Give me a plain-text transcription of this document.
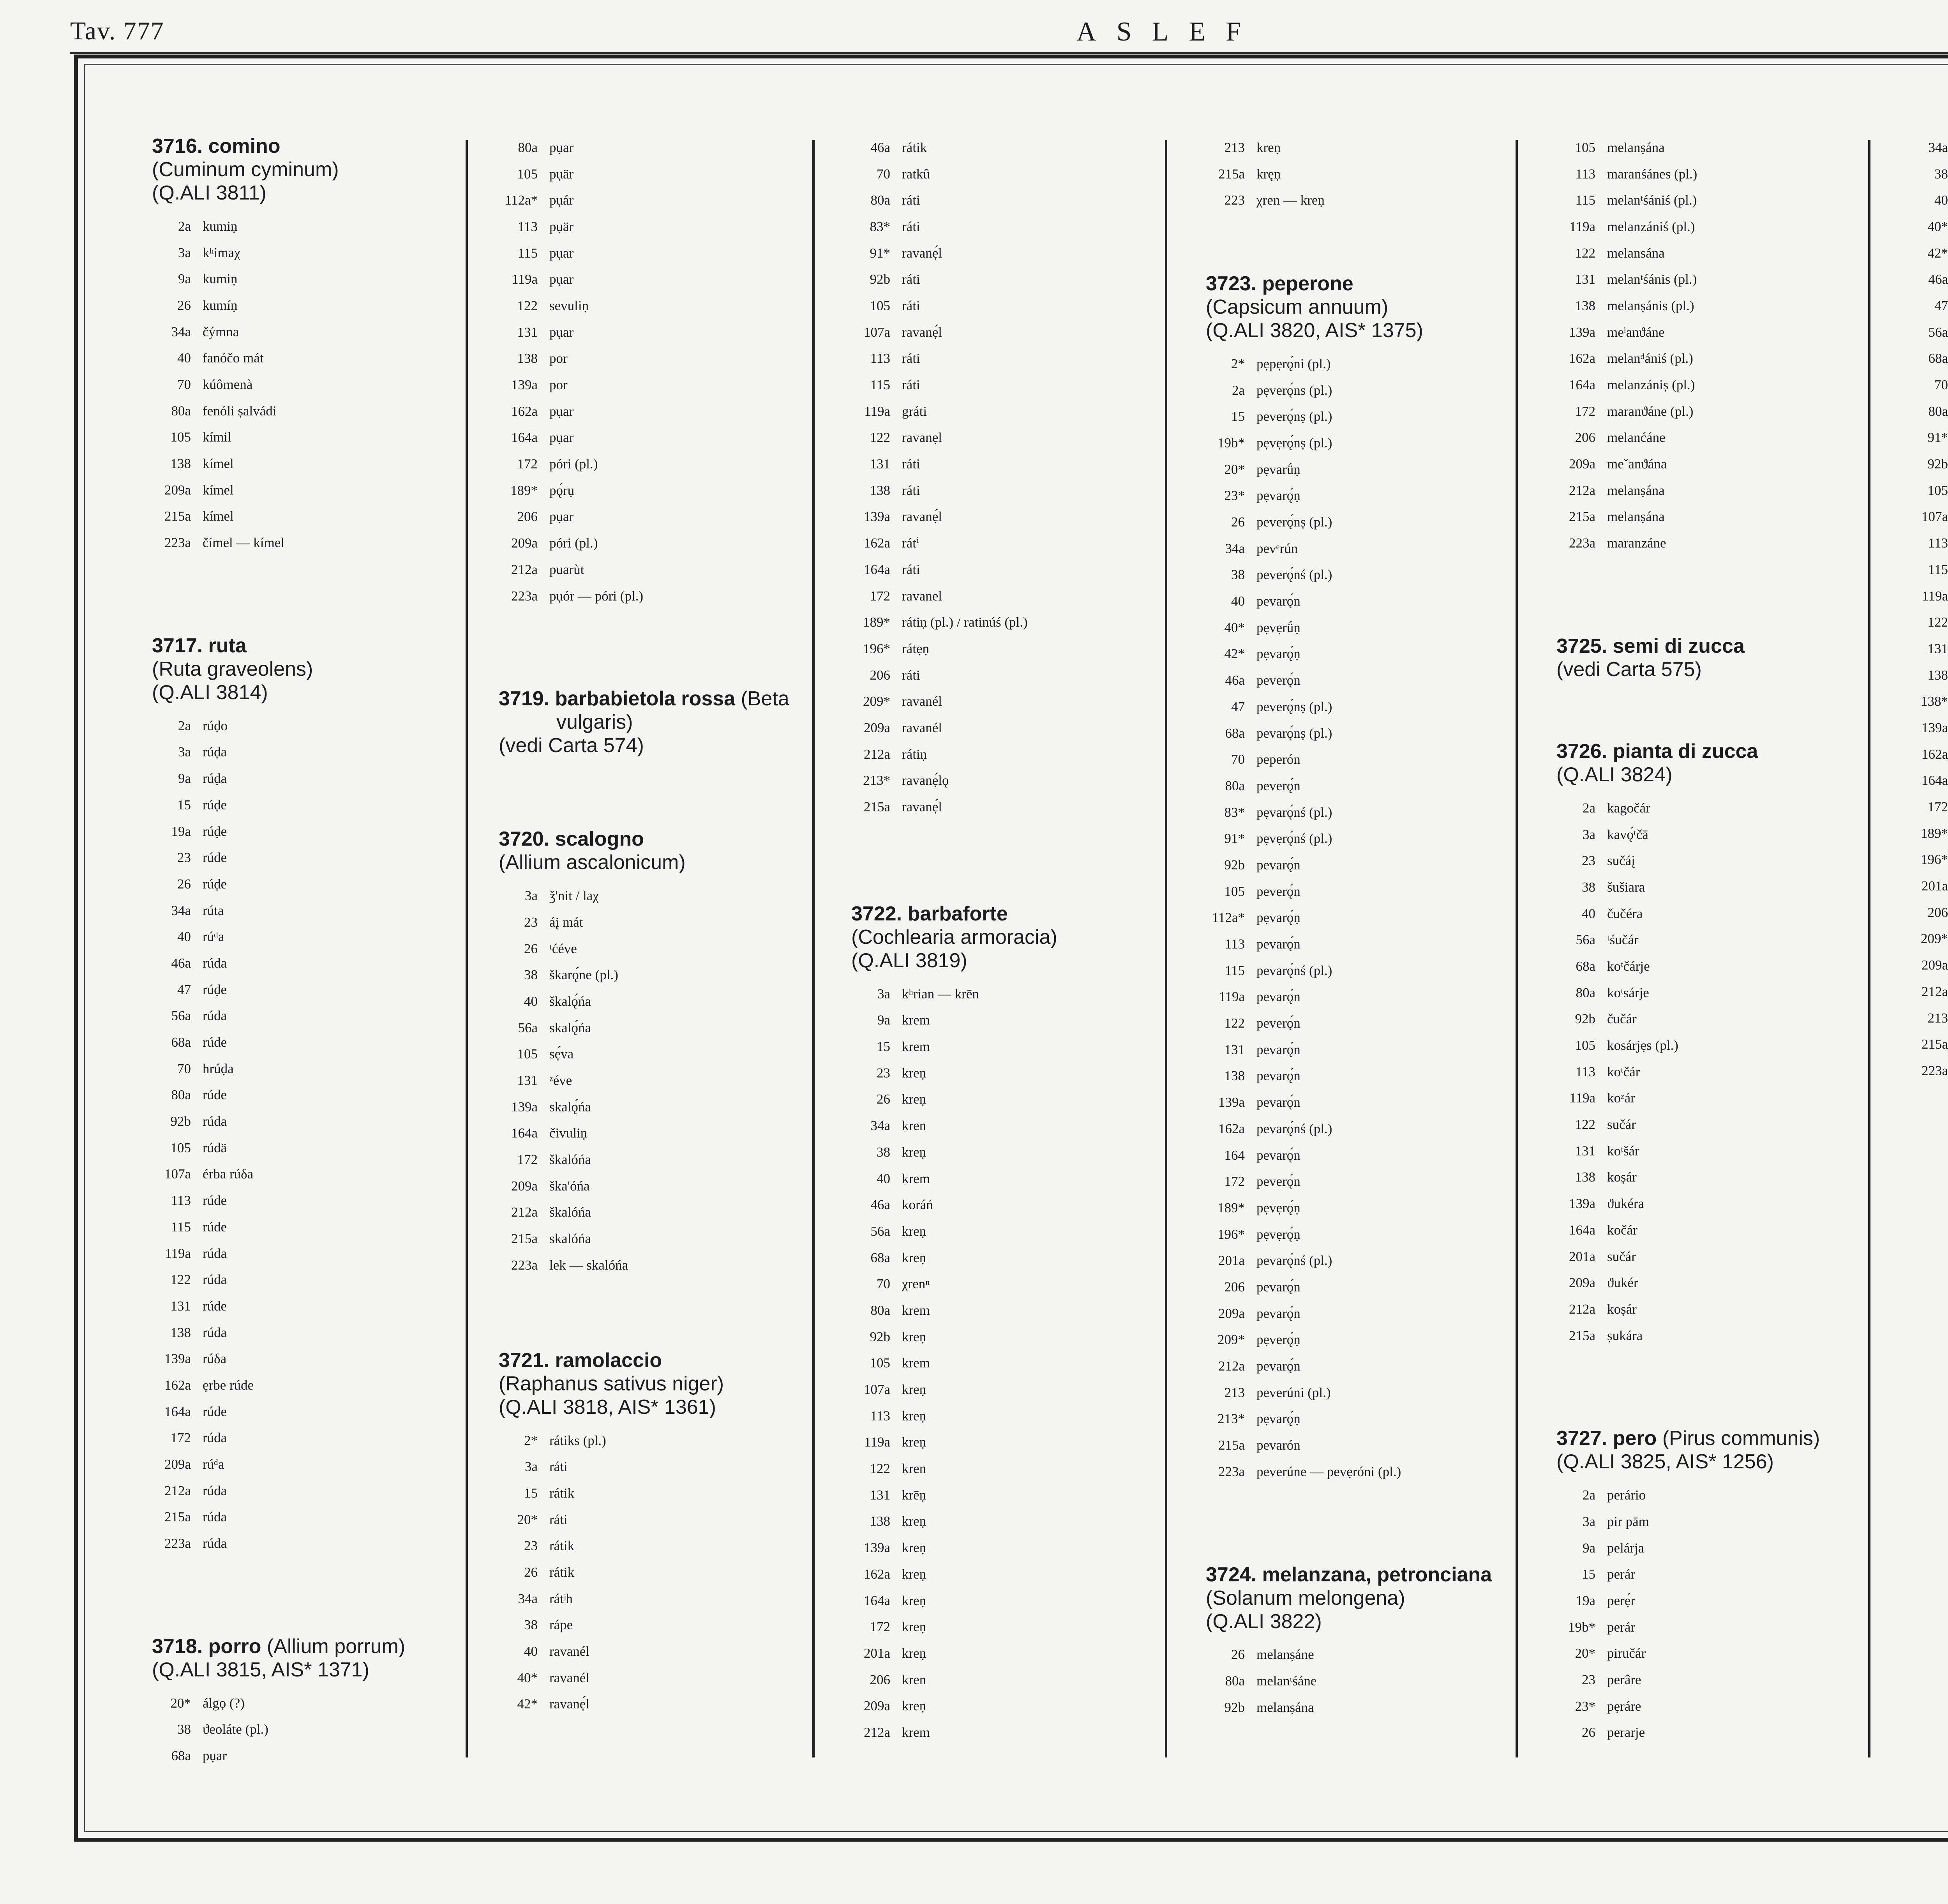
Tav. 777	ASLEF
3716. comino
(Cuminum cyminum)
(Q.ALI 3811)
2a kumiṇ
3a kʰimaχ
9a kumiṇ
26 kumíṇ
34a čýmna
40 fanóčo mát
70 kúômenà
80a fenóli ṣalvádi
105 kímil
138 kímel
209a kímel
215a kímel
223a čímel — kímel
3717. ruta
(Ruta graveolens)
(Q.ALI 3814)
2a rúḍo
3a rúḍa
9a rúḍa
15 rúḍe
19a rúḍe
23 rúde
26 rúḍe
34a rúta
40 rúᵈa
46a rúda
47 rúḍe
56a rúda
68a rúde
70 hrúḍa
80a rúde
92b rúda
105 rúdä
107a érba rúδa
113 rúde
115 rúde
119a rúda
122 rúda
131 rúde
138 rúda
139a rúδa
162a ẹrbe rúde
164a rúde
172 rúda
209a rúᵈa
212a rúda
215a rúda
223a rúda
3718. porro (Allium porrum)
(Q.ALI 3815, AIS* 1371)
20* álgọ (?)
38 ϑeoláte (pl.)
68a pụar
80a pụar
105 pụär
112a* pụár
113 pụär
115 pụar
119a pụar
122 sevuliṇ
131 pụar
138 por
139a por
162a pụar
164a pụar
172 póri (pl.)
189* pǫ́rụ
206 pụar
209a póri (pl.)
212a puarùt
223a pụór — póri (pl.)
3719. barbabietola rossa (Beta vulgaris)
(vedi Carta 574)
3720. scalogno
(Allium ascalonicum)
3a ǯ'nit / laχ
23 áį mát
26 ᵗćéve
38 škarǫ́ne (pl.)
40 škalǫ́ńa
56a skalǫ́ńa
105 sẹ́va
131 ᶻéve
139a skalǫ́ńa
164a čivuliṇ
172 škalóńa
209a ška'óńa
212a škalóńa
215a skalóńa
223a lek — skalóńa
3721. ramolaccio
(Raphanus sativus niger)
(Q.ALI 3818, AIS* 1361)
2* rátiks (pl.)
3a ráti
15 rátik
20* ráti
23 rátik
26 rátik
34a rátʲh
38 rápe
40 ravanél
40* ravanél
42* ravanẹ́l
46a rátik
70 ratkû
80a ráti
83* ráti
91* ravanẹ́l
92b ráti
105 ráti
107a ravanẹ́l
113 ráti
115 ráti
119a gráti
122 ravanẹl
131 ráti
138 ráti
139a ravanẹ́l
162a rátⁱ
164a ráti
172 ravanel
189* rátiṇ (pl.) / ratinúś (pl.)
196* rátẹṇ
206 ráti
209* ravanél
209a ravanél
212a rátiṇ
213* ravanẹ́lǫ
215a ravanẹ́l
3722. barbaforte
(Cochlearia armoracia)
(Q.ALI 3819)
3a kʰrian — krēn
9a krem
15 krem
23 kreṇ
26 kreṇ
34a kren
38 kreṇ
40 krem
46a koráń
56a kreṇ
68a kreṇ
70 χrenⁿ
80a krem
92b kreṇ
105 krem
107a kreṇ
113 kreṇ
119a kreṇ
122 kren
131 krēṇ
138 kreṇ
139a kreṇ
162a kreṇ
164a kreṇ
172 kreṇ
201a kreṇ
206 kren
209a kreṇ
212a krem
213 kreṇ
215a kręṇ
223 χren — kreṇ
3723. peperone
(Capsicum annuum)
(Q.ALI 3820, AIS* 1375)
2* pẹpẹrǫ́ni (pl.)
2a pẹverǫ́ns (pl.)
15 peverǫ́nṣ (pl.)
19b* pẹvẹrǫ́nṣ (pl.)
20* pẹvarǘṇ
23* pẹvarǫ́ṇ
26 peverǫ́nṣ (pl.)
34a pevᵉrún
38 peverǫ́nś (pl.)
40 pevarǫ́n
40* pẹvẹrǘṇ
42* pẹvarǫ́ṇ
46a peverǫ́n
47 peverǫ́nṣ (pl.)
68a pevarǫ́nṣ (pl.)
70 peperón
80a peverǫ́n
83* pẹvarǫ́nś (pl.)
91* pẹvẹrǫ́nś (pl.)
92b pevarǫ́n
105 peverǫ́n
112a* pẹvarǫ́ṇ
113 pevarǫ́n
115 pevarǫ́nś (pl.)
119a pevarǫ́n
122 peverǫ́n
131 pevarǫ́n
138 pevarǫ́n
139a pevarǫ́n
162a pevarǫ́nś (pl.)
164 pevarǫ́n
172 peverǫ́n
189* pẹvẹrǫ́ṇ
196* pẹvẹrǫ́ṇ
201a pevarǫ́nś (pl.)
206 pevarǫ́n
209a pevarǫ́n
209* pẹverǫ́ṇ
212a pevarǫ́n
213 peverúni (pl.)
213* pẹvarǫ́ṇ
215a pevarón
223a peverúne — pevẹróni (pl.)
3724. melanzana, petronciana
(Solanum melongena)
(Q.ALI 3822)
26 melanṣáne
80a melanᵗśáne
92b melanṣána
105 melanṣána
113 maranśánes (pl.)
115 melanᵗśániś (pl.)
119a melanzániś (pl.)
122 melansána
131 melanᵗśánis (pl.)
138 melanṣánis (pl.)
139a meˡanϑáne
162a melanᵈániś (pl.)
164a melanzániṣ (pl.)
172 maranϑáne (pl.)
206 melanćáne
209a meˇanϑána
212a melanṣána
215a melanṣána
223a maranzáne
3725. semi di zucca
(vedi Carta 575)
3726. pianta di zucca
(Q.ALI 3824)
2a kagočár
3a kavǫ́ᵗčā
23 sučáį
38 šušiara
40 čučéra
56a ᵗśučár
68a koᵗčárje
80a koᵗsárje
92b čučár
105 kosárjẹs (pl.)
113 koᵗčár
119a koᶻár
122 sučár
131 koᵗšár
138 koṣár
139a ϑukéra
164a kočár
201a sučár
209a ϑukér
212a koṣár
215a ṣukára
3727. pero (Pirus communis)
(Q.ALI 3825, AIS* 1256)
2a perário
3a pir pām
9a pelárja
15 perár
19a perẹ́r
19b* perár
20* piručár
23 perâre
23* pẹráre
26 perarje
34a
38
40
40*
42*
46a
47
56a
68a
70
80a
91*
92b
105
107a
113
115
119a
122
131
138
138*
139a
162a
164a
172
189*
196*
201a
206
209*
209a
212a
213
215a
223a
